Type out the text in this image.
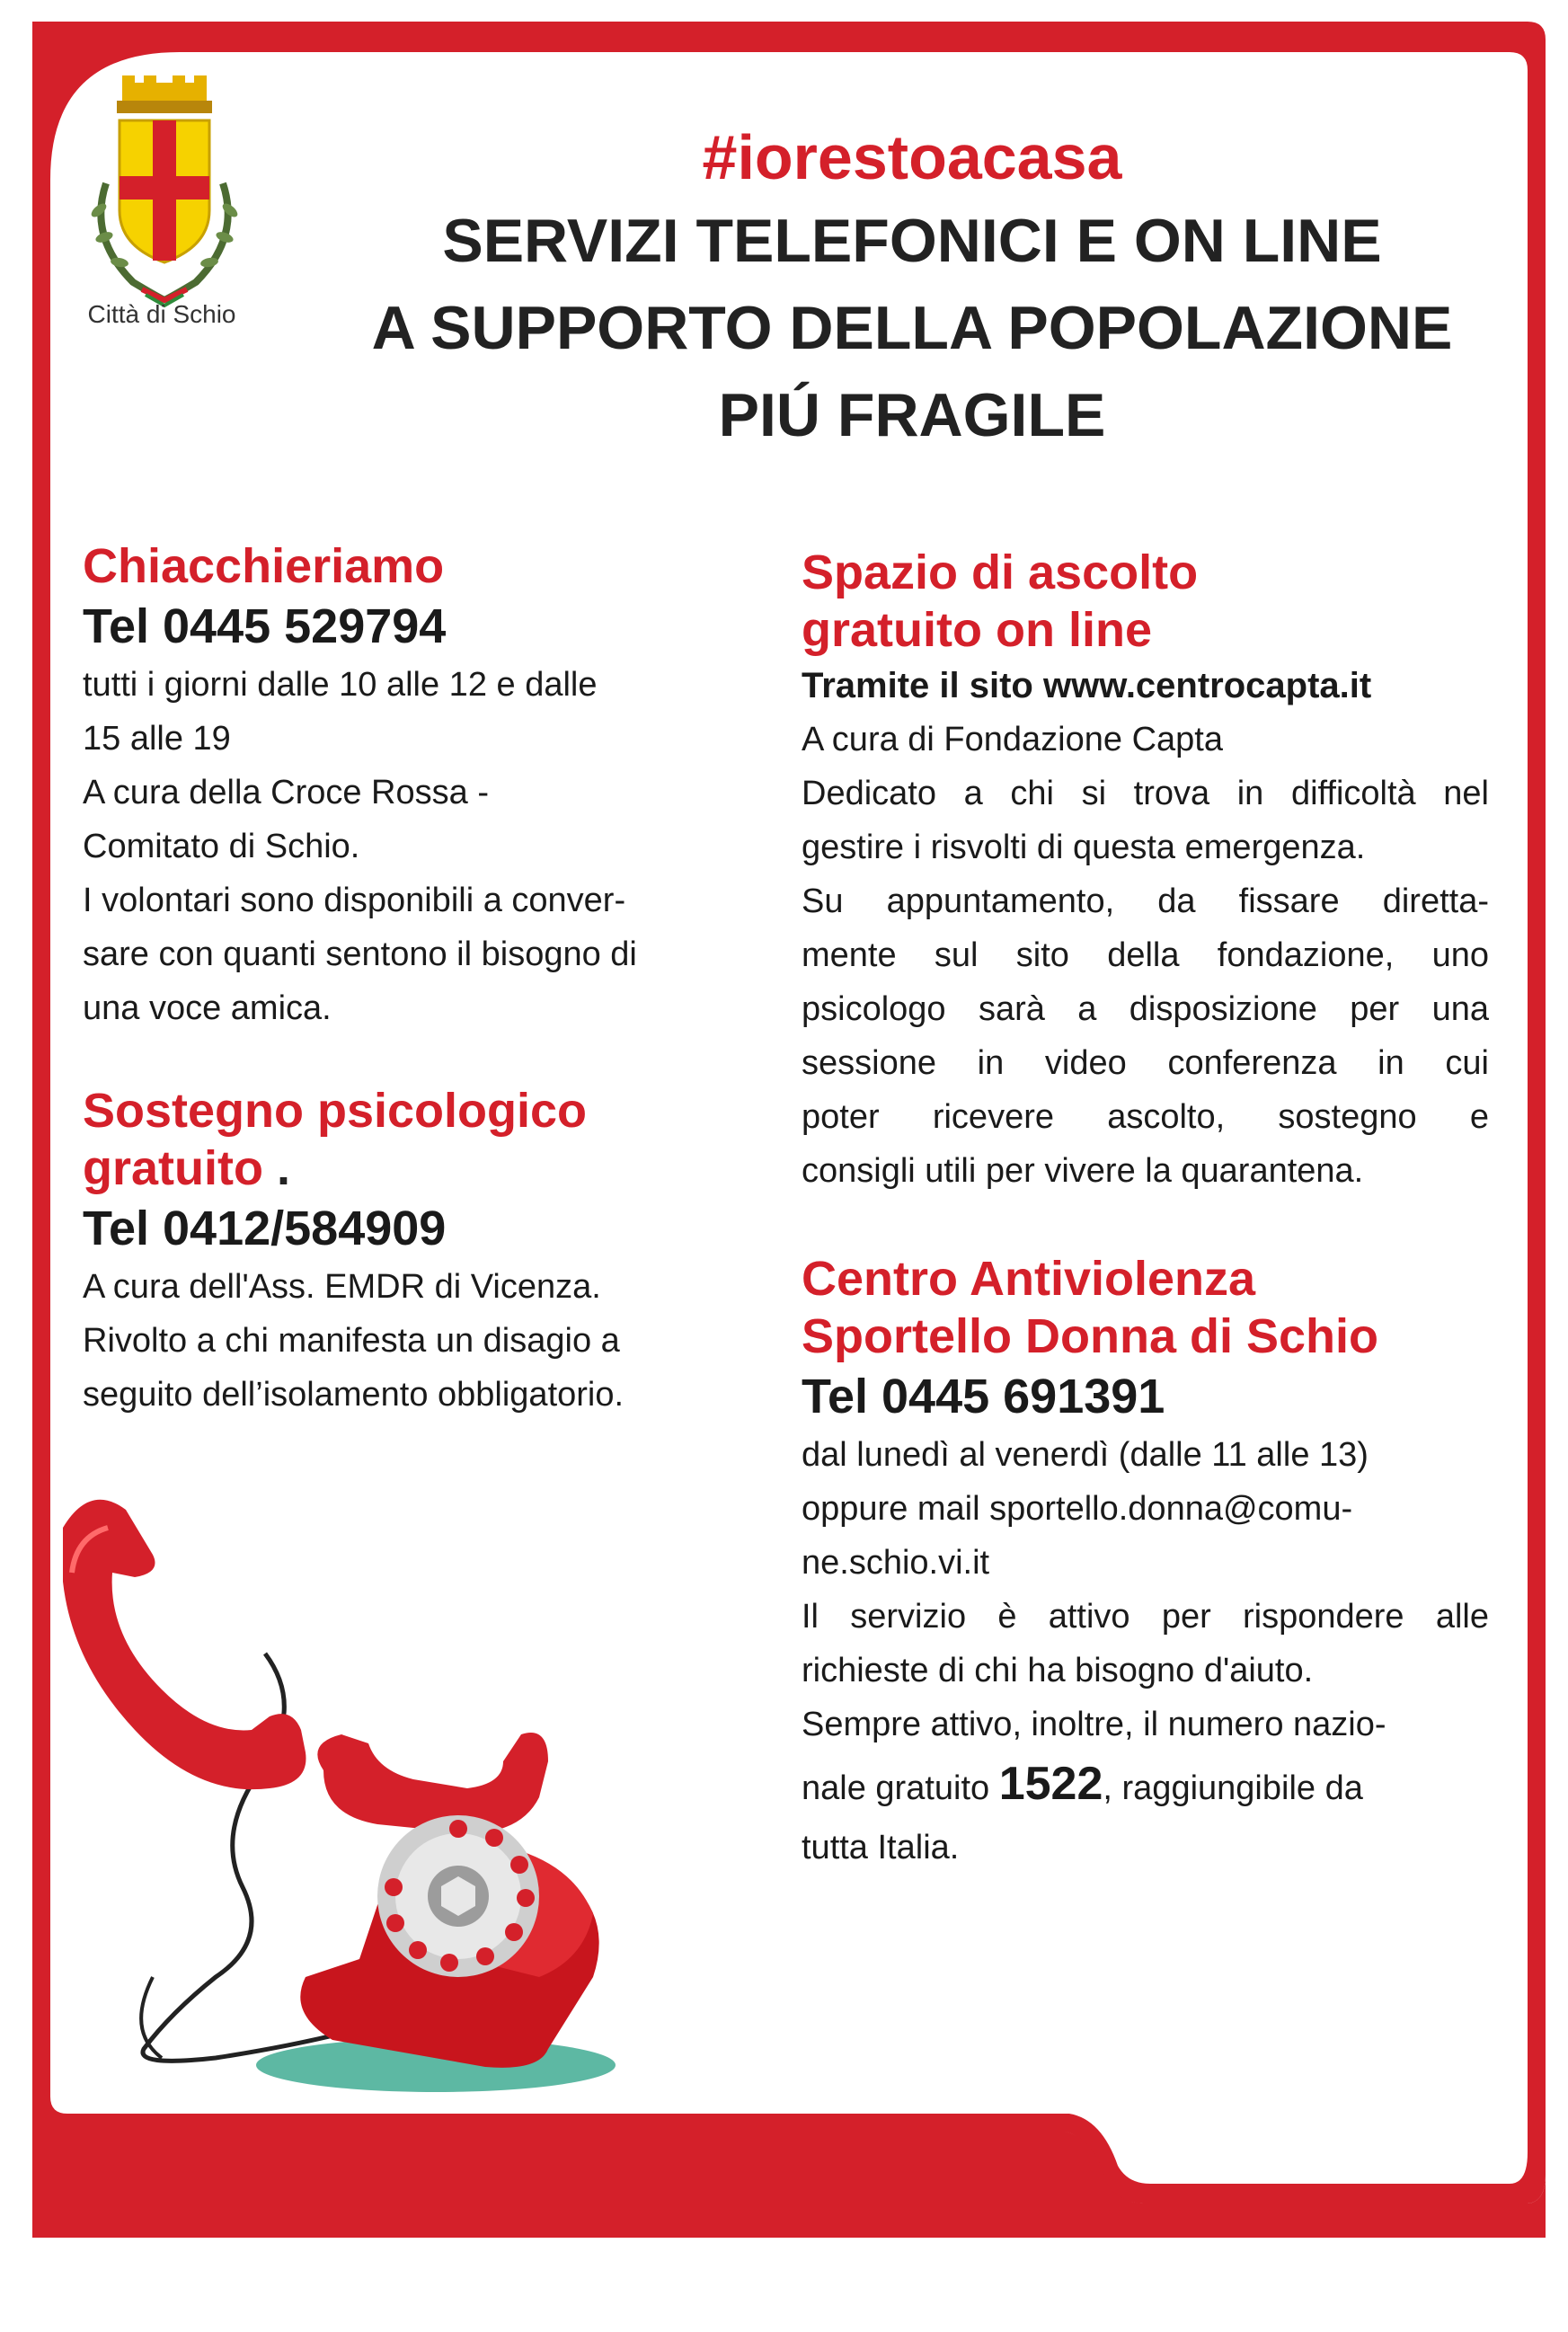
Città di Schio
#iorestoacasa
SERVIZI TELEFONICI E ON LINE
A SUPPORTO DELLA POPOLAZIONE
PIÚ FRAGILE

Chiacchieriamo

Tel 0445 529794

tutti i giorni dalle 10 alle 12 e dalle

15 alle 19

A cura della Croce Rossa -

Comitato di Schio.

I volontari sono disponibili a conver-

sare con quanti sentono il bisogno di

una voce amica.

Sostegno psicologico

gratuito .

Tel 0412/584909

A cura dell'Ass. EMDR di Vicenza.

Rivolto a chi manifesta un disagio a

seguito dell’isolamento obbligatorio.

Spazio di ascolto

gratuito on line

Tramite il sito www.centrocapta.it

A cura di Fondazione Capta

Dedicato a chi si trova in difficoltà nel

gestire i risvolti di questa emergenza.

Su appuntamento, da fissare diretta-

mente sul sito della fondazione, uno

psicologo sarà a disposizione per una

sessione in video conferenza in cui

poter ricevere ascolto, sostegno e

consigli utili per vivere la quarantena.

Centro Antiviolenza

Sportello Donna di Schio

Tel 0445 691391

dal lunedì al venerdì (dalle 11 alle 13)

oppure mail sportello.donna@comu-

ne.schio.vi.it

Il servizio è attivo per rispondere alle

richieste di chi ha bisogno d'aiuto.

Sempre attivo, inoltre, il numero nazio-

nale gratuito 1522, raggiungibile da

tutta Italia.
